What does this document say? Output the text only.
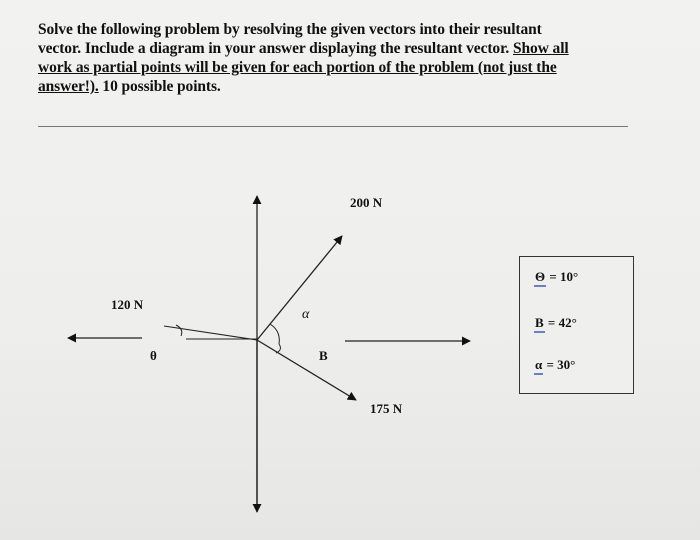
Solve the following problem by resolving the given vectors into their resultant
vector. Include a diagram in your answer displaying the resultant vector. Show all
work as partial points will be given for each portion of the problem (not just the
answer!). 10 possible points.
200 N
120 N
175 N
α
θ	B
Θ = 10°
B = 42°
α = 30°
